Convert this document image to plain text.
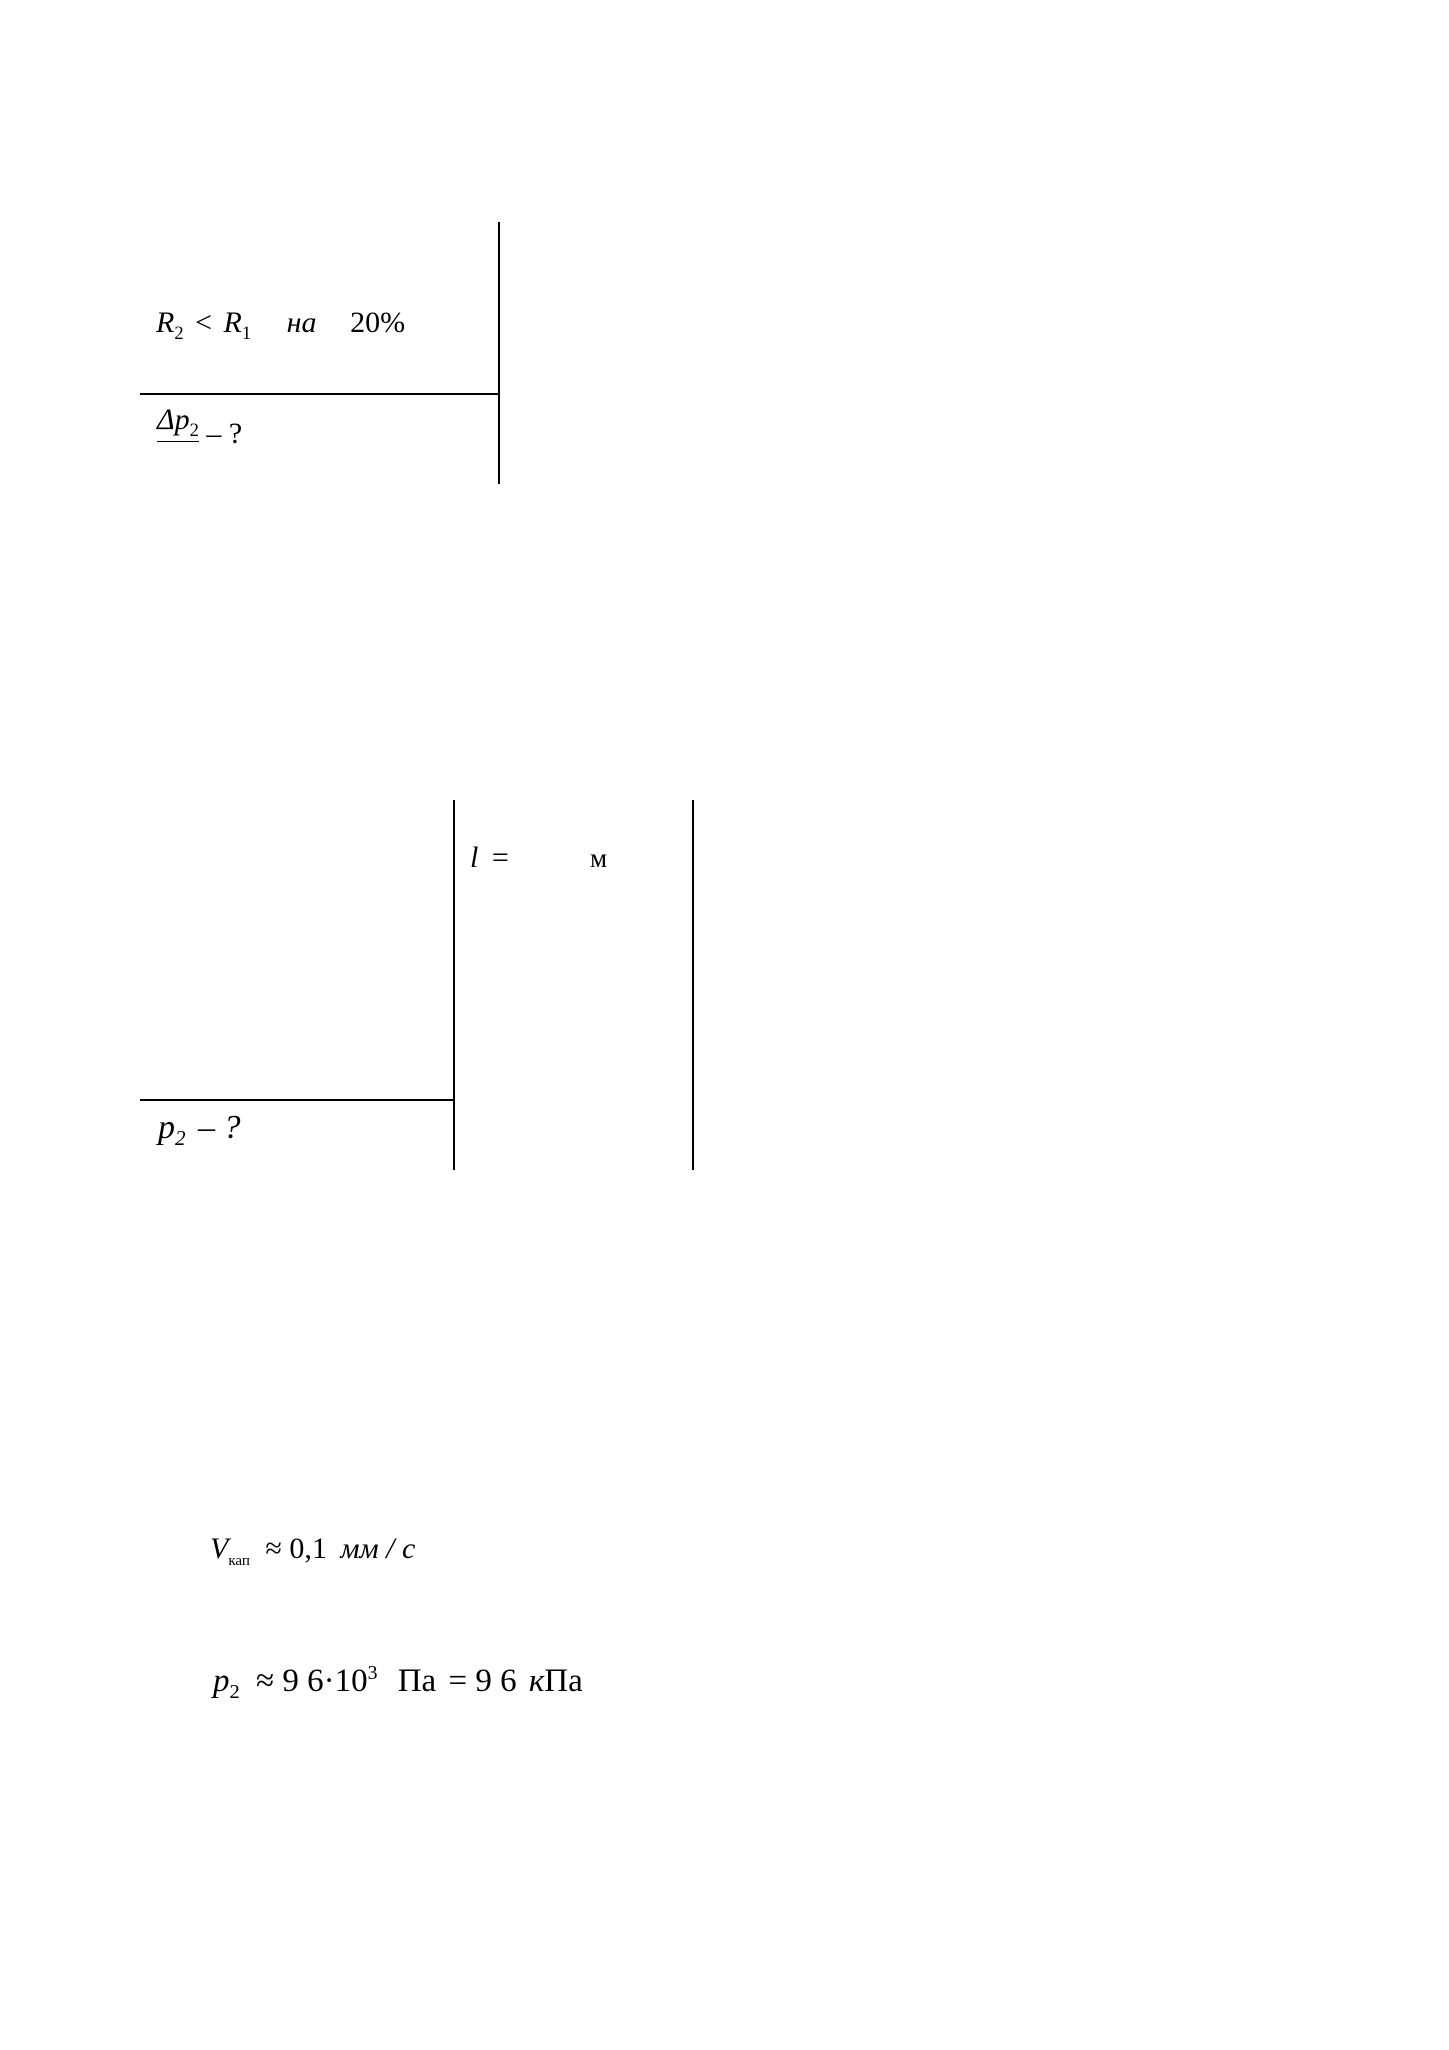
$R_2 < R_1$ на 20%
$\Delta p_2$ – ?
l =	м
$p_2$ – ?
$V_{кап} \approx 0,1$ мм / с
$p_2 \approx 9$ $6\cdot 10^3$ Па = 9 6 кПа
